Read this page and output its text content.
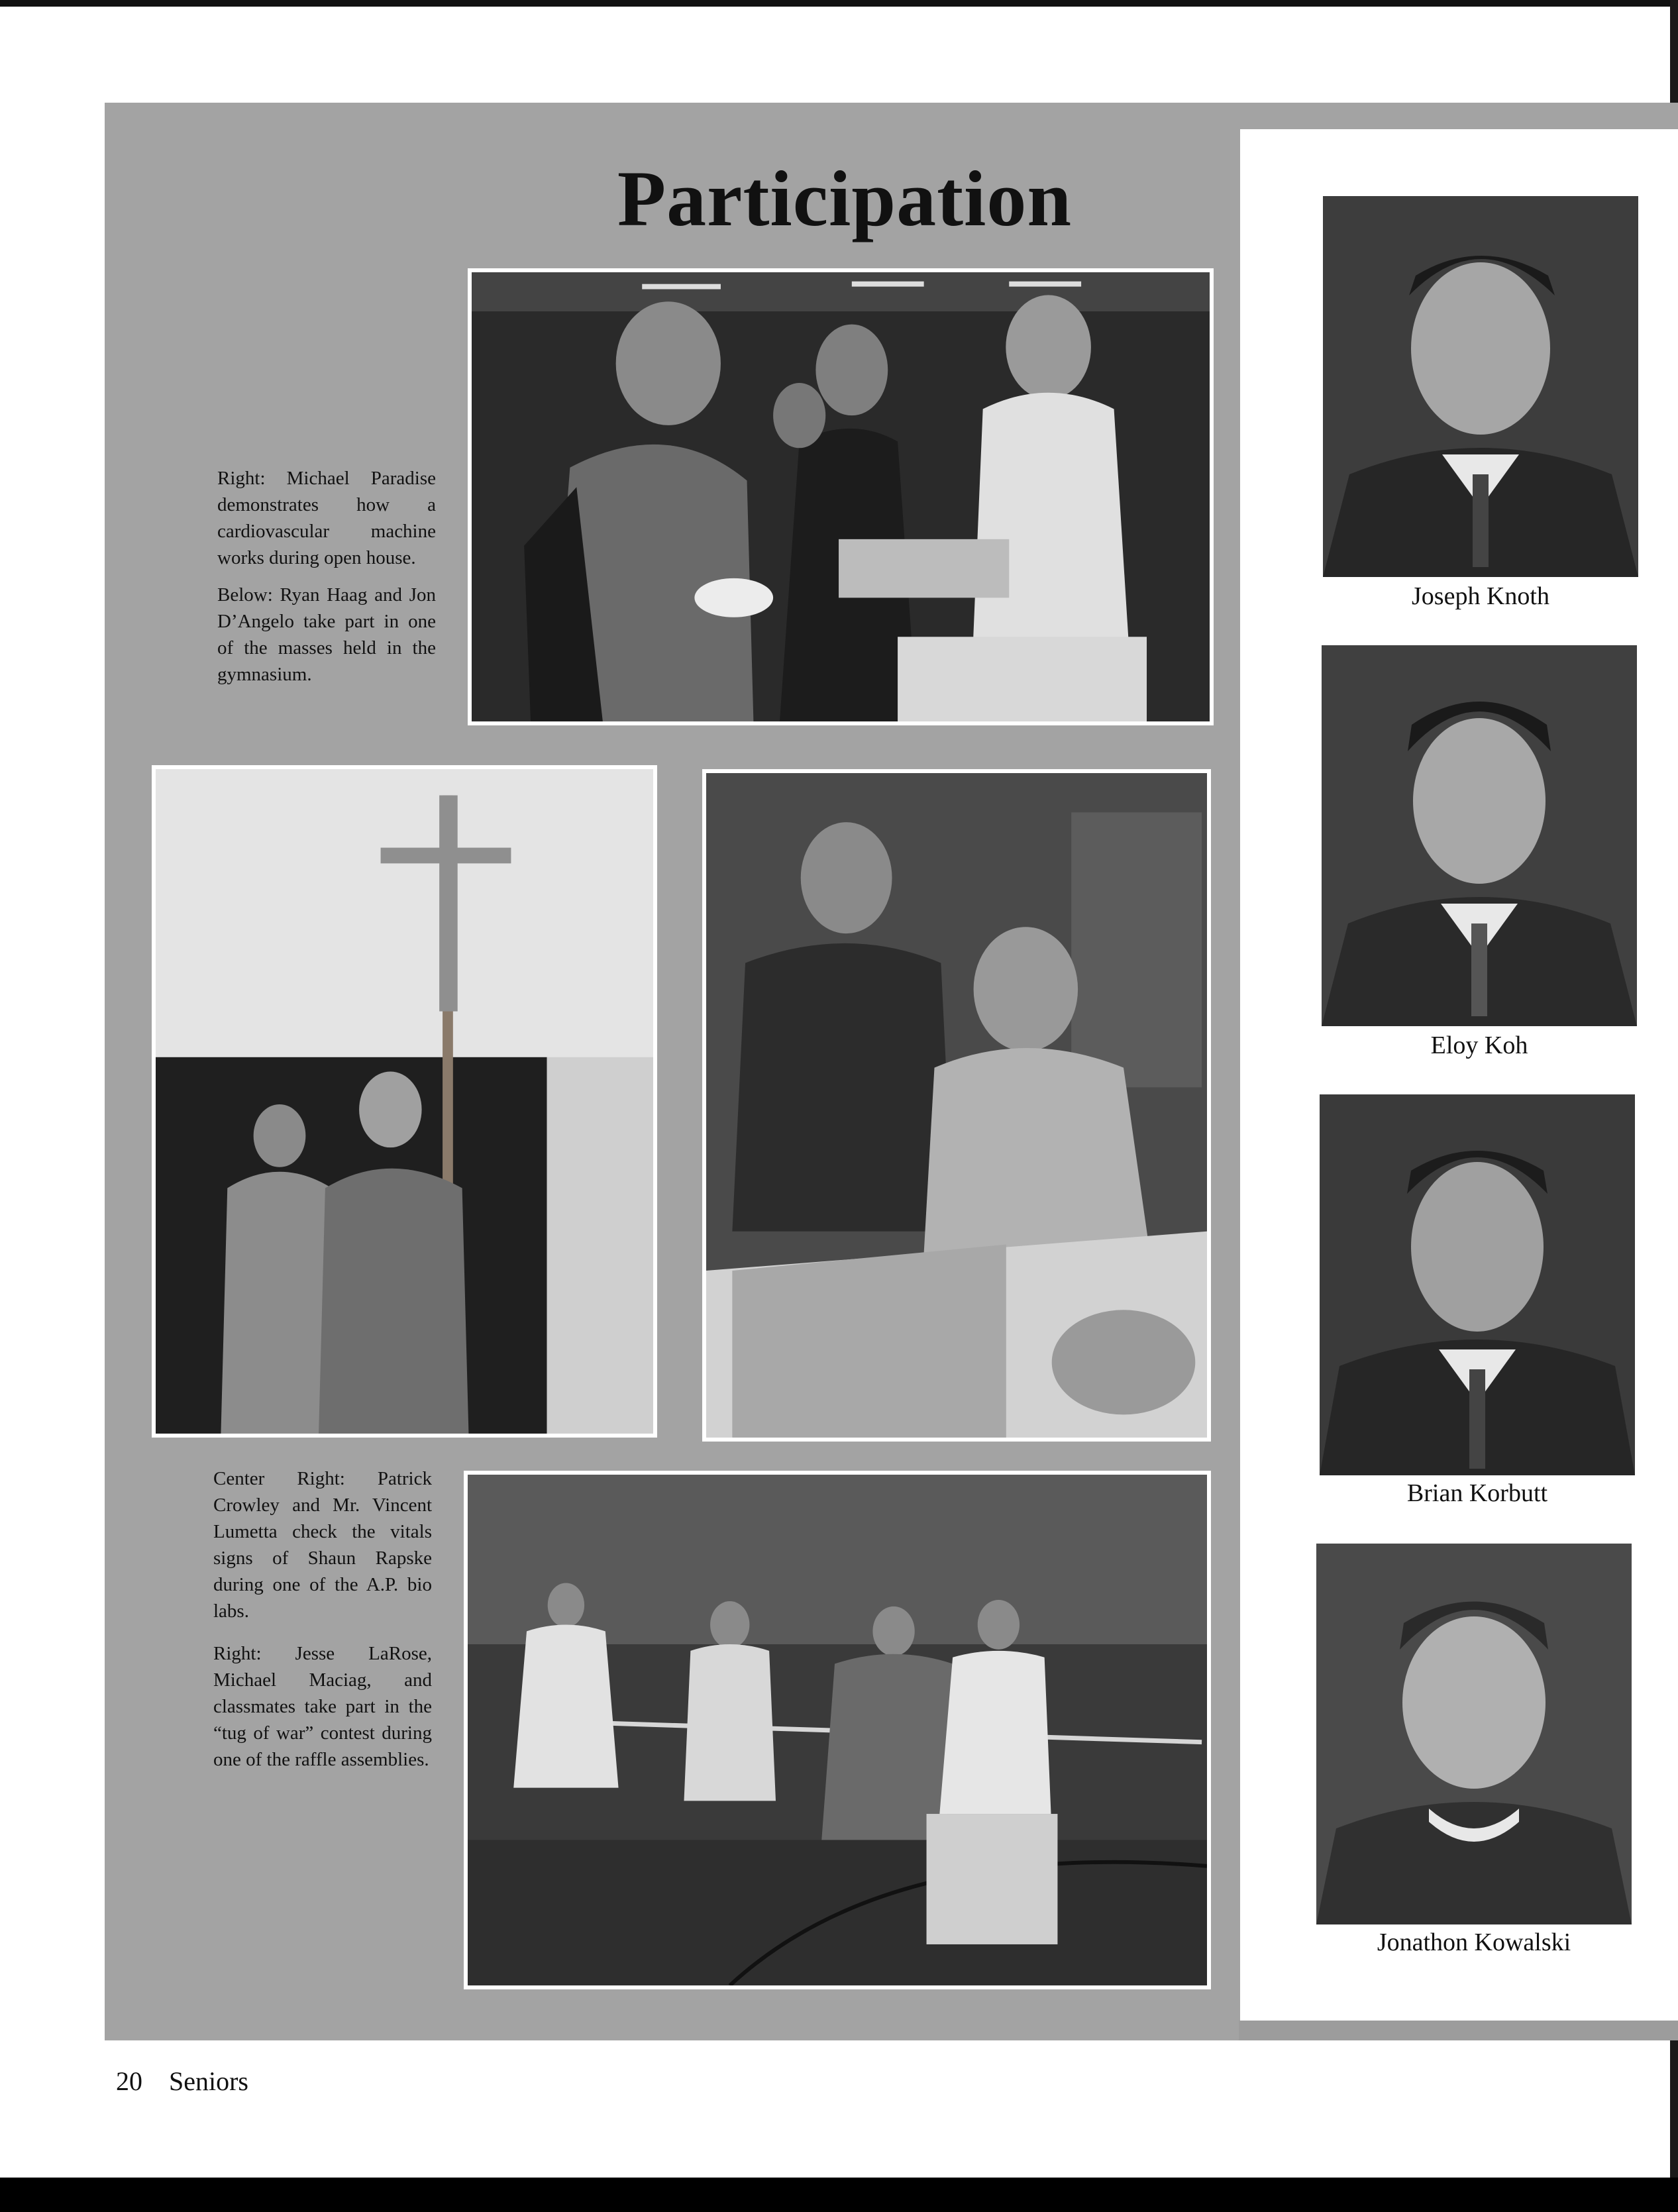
Participation

Right: Michael Paradise demonstrates how a cardiovascular machine works during open house.

Below: Ryan Haag and Jon D’Angelo take part in one of the masses held in the gymnasium.

Center Right: Patrick Crowley and Mr. Vincent Lumetta check the vitals signs of Shaun Rapske during one of the A.P. bio labs.

Right: Jesse LaRose, Michael Maciag, and classmates take part in the “tug of war” contest during one of the raffle assemblies.

Joseph Knoth
Eloy Koh
Brian Korbutt
Jonathon Kowalski
20 Seniors
